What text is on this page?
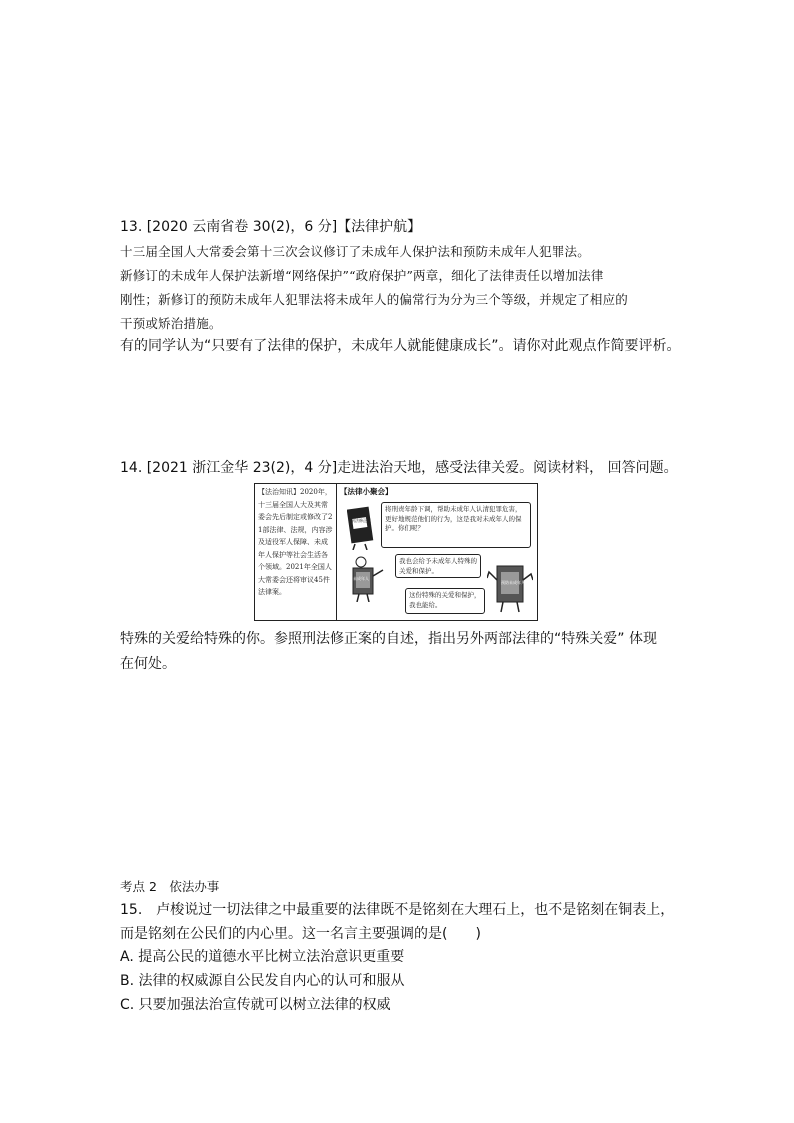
13. [2020 云南省卷 30(2)，6 分]【法律护航】
十三届全国人大常委会第十三次会议修订了未成年人保护法和预防未成年人犯罪法。
新修订的未成年人保护法新增“网络保护”“政府保护”两章，细化了法律责任以增加法律
刚性；新修订的预防未成年人犯罪法将未成年人的偏常行为分为三个等级，并规定了相应的
干预或矫治措施。
有的同学认为“只要有了法律的保护，未成年人就能健康成长”。请你对此观点作简要评析。
14. [2021 浙江金华 23(2)，4 分]走进法治天地，感受法律关爱。阅读材料， 回答问题。
【法治知讯】2020年，十三届全国人大及其常委会先后制定或修改了21部法律、法规，内容涉及适役军人保障、未成年人保护等社会生活各个领域。2021年全国人大常委会还将审议45件法律案。
【法律小聚会】
刑法修正案
将刑责年龄下调，帮助未成年人认清犯罪危害，更好地规范他们的行为，这是我对未成年人的保护。你们呢？
未成年人
我也会给予未成年人特殊的关爱和保护。
预防未成年人
这份特殊的关爱和保护，我也能给。
特殊的关爱给特殊的你。参照刑法修正案的自述，指出另外两部法律的“特殊关爱” 体现
在何处。
考点 2　依法办事
15.　卢梭说过一切法律之中最重要的法律既不是铭刻在大理石上，也不是铭刻在铜表上，
而是铭刻在公民们的内心里。这一名言主要强调的是(　　)
A. 提高公民的道德水平比树立法治意识更重要
B. 法律的权威源自公民发自内心的认可和服从
C. 只要加强法治宣传就可以树立法律的权威
